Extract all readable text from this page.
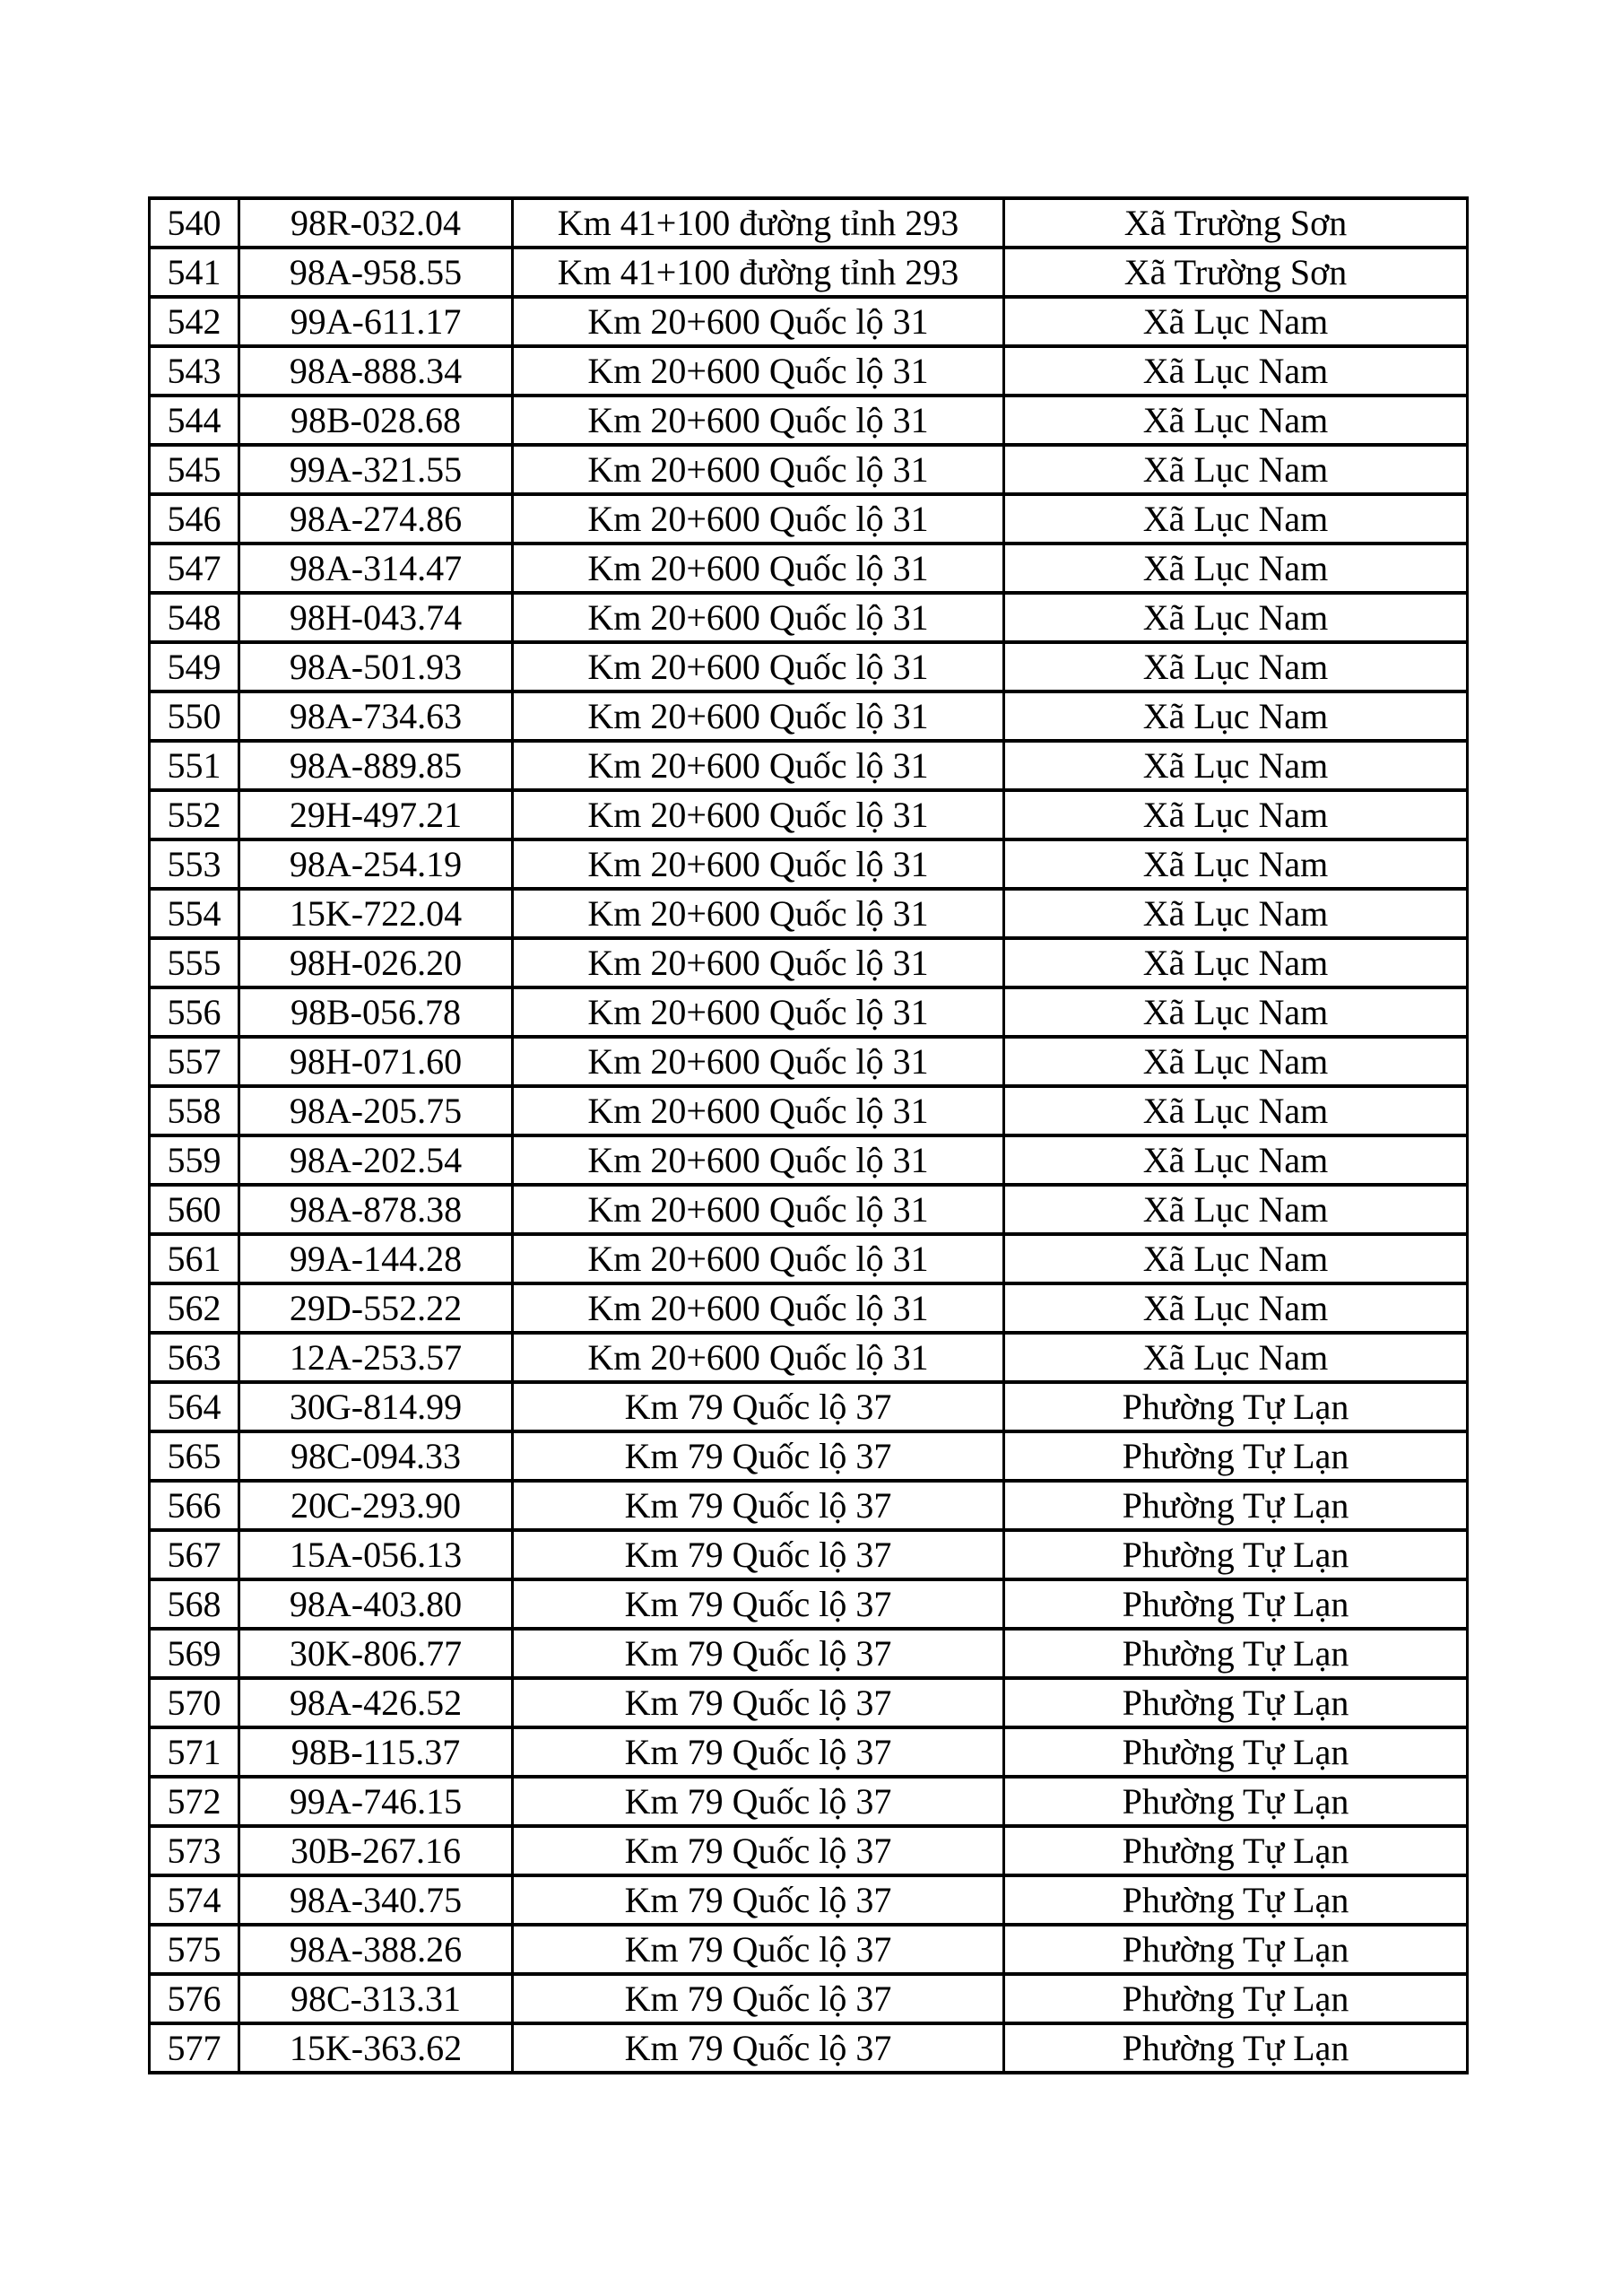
540	98R-032.04	Km 41+100 đường tỉnh 293	Xã Trường Sơn
541	98A-958.55	Km 41+100 đường tỉnh 293	Xã Trường Sơn
542	99A-611.17	Km 20+600 Quốc lộ 31	Xã Lục Nam
543	98A-888.34	Km 20+600 Quốc lộ 31	Xã Lục Nam
544	98B-028.68	Km 20+600 Quốc lộ 31	Xã Lục Nam
545	99A-321.55	Km 20+600 Quốc lộ 31	Xã Lục Nam
546	98A-274.86	Km 20+600 Quốc lộ 31	Xã Lục Nam
547	98A-314.47	Km 20+600 Quốc lộ 31	Xã Lục Nam
548	98H-043.74	Km 20+600 Quốc lộ 31	Xã Lục Nam
549	98A-501.93	Km 20+600 Quốc lộ 31	Xã Lục Nam
550	98A-734.63	Km 20+600 Quốc lộ 31	Xã Lục Nam
551	98A-889.85	Km 20+600 Quốc lộ 31	Xã Lục Nam
552	29H-497.21	Km 20+600 Quốc lộ 31	Xã Lục Nam
553	98A-254.19	Km 20+600 Quốc lộ 31	Xã Lục Nam
554	15K-722.04	Km 20+600 Quốc lộ 31	Xã Lục Nam
555	98H-026.20	Km 20+600 Quốc lộ 31	Xã Lục Nam
556	98B-056.78	Km 20+600 Quốc lộ 31	Xã Lục Nam
557	98H-071.60	Km 20+600 Quốc lộ 31	Xã Lục Nam
558	98A-205.75	Km 20+600 Quốc lộ 31	Xã Lục Nam
559	98A-202.54	Km 20+600 Quốc lộ 31	Xã Lục Nam
560	98A-878.38	Km 20+600 Quốc lộ 31	Xã Lục Nam
561	99A-144.28	Km 20+600 Quốc lộ 31	Xã Lục Nam
562	29D-552.22	Km 20+600 Quốc lộ 31	Xã Lục Nam
563	12A-253.57	Km 20+600 Quốc lộ 31	Xã Lục Nam
564	30G-814.99	Km 79 Quốc lộ 37	Phường Tự Lạn
565	98C-094.33	Km 79 Quốc lộ 37	Phường Tự Lạn
566	20C-293.90	Km 79 Quốc lộ 37	Phường Tự Lạn
567	15A-056.13	Km 79 Quốc lộ 37	Phường Tự Lạn
568	98A-403.80	Km 79 Quốc lộ 37	Phường Tự Lạn
569	30K-806.77	Km 79 Quốc lộ 37	Phường Tự Lạn
570	98A-426.52	Km 79 Quốc lộ 37	Phường Tự Lạn
571	98B-115.37	Km 79 Quốc lộ 37	Phường Tự Lạn
572	99A-746.15	Km 79 Quốc lộ 37	Phường Tự Lạn
573	30B-267.16	Km 79 Quốc lộ 37	Phường Tự Lạn
574	98A-340.75	Km 79 Quốc lộ 37	Phường Tự Lạn
575	98A-388.26	Km 79 Quốc lộ 37	Phường Tự Lạn
576	98C-313.31	Km 79 Quốc lộ 37	Phường Tự Lạn
577	15K-363.62	Km 79 Quốc lộ 37	Phường Tự Lạn
